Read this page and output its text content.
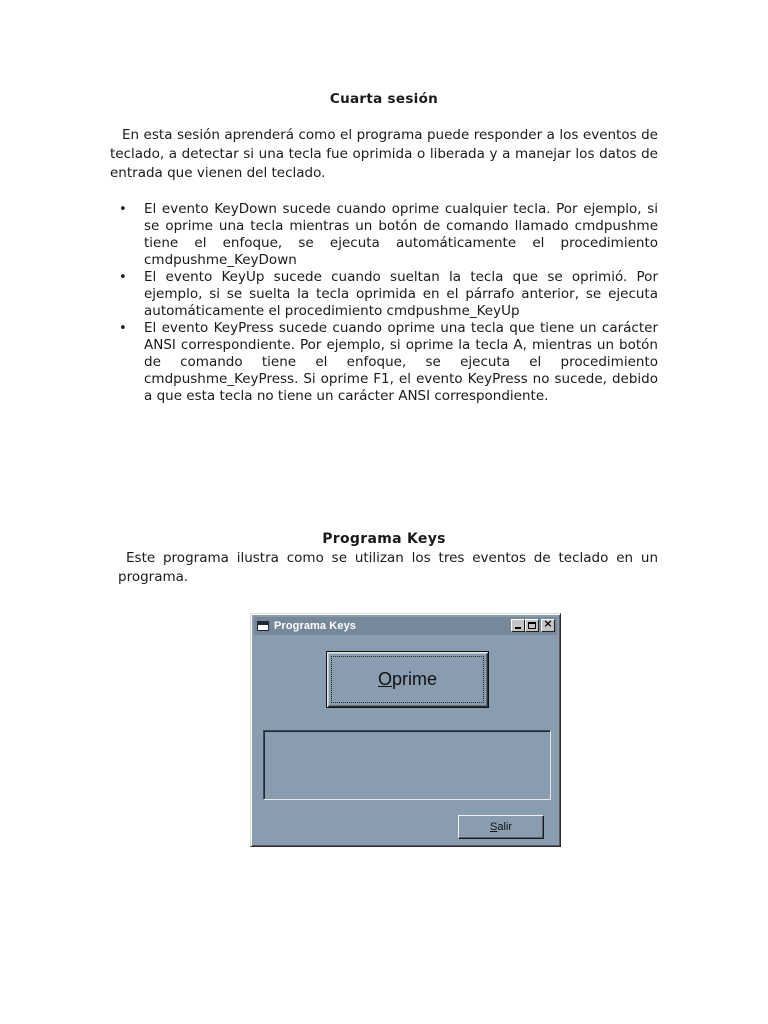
Cuarta sesión

En esta sesión aprenderá como el programa puede responder a los eventos de teclado, a detectar si una tecla fue oprimida o liberada y a manejar los datos de entrada que vienen del teclado.

• El evento KeyDown sucede cuando oprime cualquier tecla. Por ejemplo, si se oprime una tecla mientras un botón de comando llamado cmdpushme tiene el enfoque, se ejecuta automáticamente el procedimiento cmdpushme_KeyDown
• El evento KeyUp sucede cuando sueltan la tecla que se oprimió. Por ejemplo, si se suelta la tecla oprimida en el párrafo anterior, se ejecuta automáticamente el procedimiento cmdpushme_KeyUp
• El evento KeyPress sucede cuando oprime una tecla que tiene un carácter ANSI correspondiente. Por ejemplo, si oprime la tecla A, mientras un botón de comando tiene el enfoque, se ejecuta el procedimiento cmdpushme_KeyPress. Si oprime F1, el evento KeyPress no sucede, debido a que esta tecla no tiene un carácter ANSI correspondiente.
Programa Keys

Este programa ilustra como se utilizan los tres eventos de teclado en un programa.

Programa Keys	×
Oprime
Salir
